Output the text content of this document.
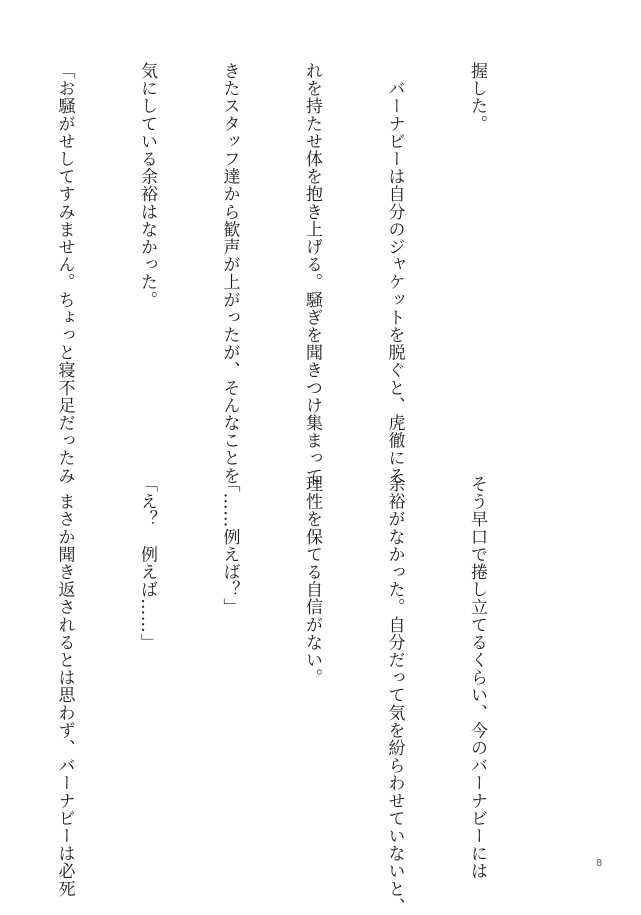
握した。

　バーナビーは自分のジャケットを脱ぐと、虎徹にそ

れを持たせ体を抱き上げる。騒ぎを聞きつけ集まって

きたスタッフ達から歓声が上がったが、そんなことを

気にしている余裕はなかった。

「お騒がせしてすみません。ちょっと寝不足だったみ

そう早口で捲し立てるくらい、今のバーナビーには

余裕がなかった。自分だって気を紛らわせていないと、

理性を保てる自信がない。

「……例えば？」

「え？　例えば……」

　まさか聞き返されるとは思わず、バーナビーは必死

	8
